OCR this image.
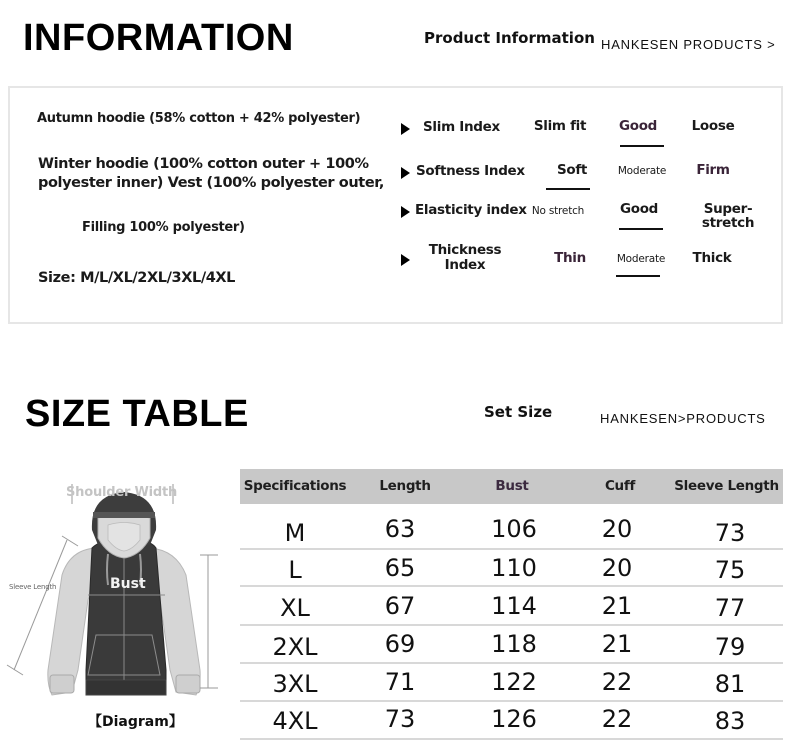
INFORMATION	Product Information HANKESEN PRODUCTS >
Autumn hoodie (58% cotton + 42% polyester)
Winter hoodie (100% cotton outer + 100%
polyester inner) Vest (100% polyester outer,
Filling 100% polyester)
Size: M/L/XL/2XL/3XL/4XL
Slim Index	Slim fit	Good	Loose
Softness Index	Soft	Moderate	Firm
Elasticity index No stretch	Good	Super-stretch
Thickness
Index	Thin	Moderate	Thick
SIZE TABLE	Set Size	HANKESEN>PRODUCTS
Shoulder Width
Sleeve Length	Bust
【Diagram】
Specifications	Length	Bust	Cuff	Sleeve Length
M	63	106	20	73
L	65	110	20	75
XL	67	114	21	77
2XL	69	118	21	79
3XL	71	122	22	81
4XL	73	126	22	83
